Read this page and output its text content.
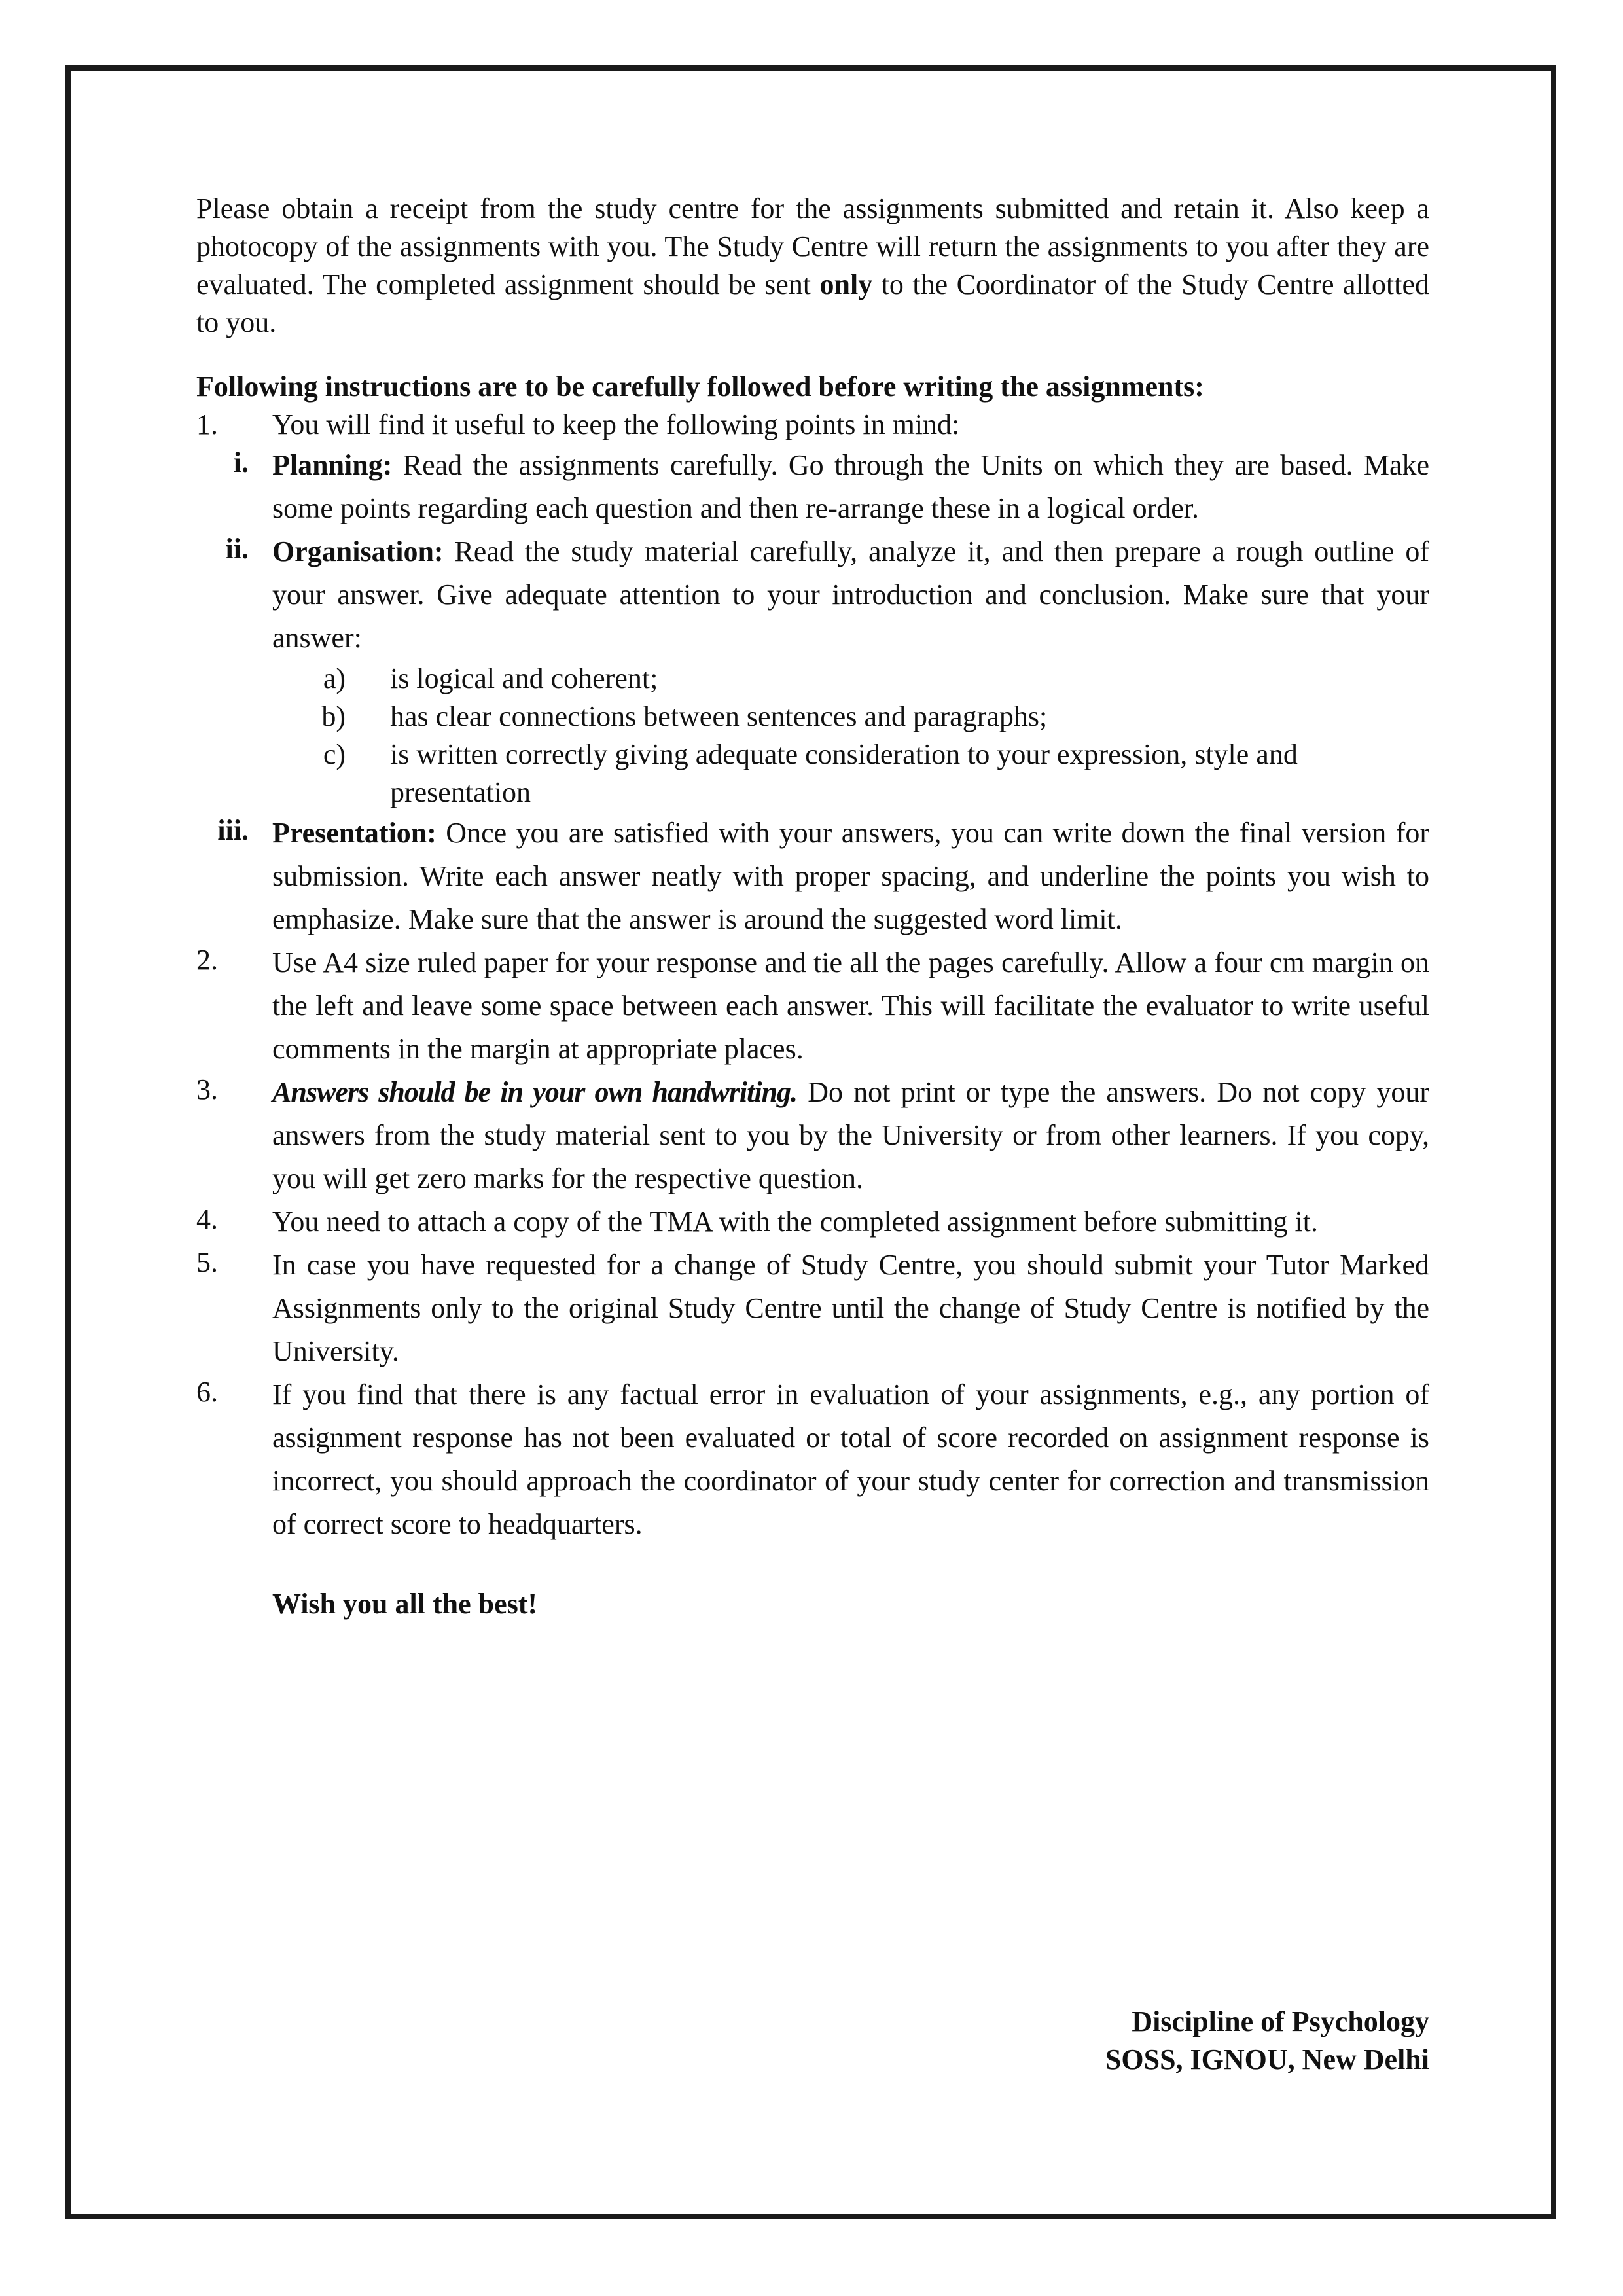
Please obtain a receipt from the study centre for the assignments submitted and retain it. Also keep a photocopy of the assignments with you. The Study Centre will return the assignments to you after they are evaluated. The completed assignment should be sent only to the Coordinator of the Study Centre allotted to you.

Following instructions are to be carefully followed before writing the assignments:

1. You will find it useful to keep the following points in mind:
i. Planning: Read the assignments carefully. Go through the Units on which they are based. Make some points regarding each question and then re-arrange these in a logical order.
ii. Organisation: Read the study material carefully, analyze it, and then prepare a rough outline of your answer. Give adequate attention to your introduction and conclusion. Make sure that your answer:
a) is logical and coherent;
b) has clear connections between sentences and paragraphs;
c) is written correctly giving adequate consideration to your expression, style and presentation
iii. Presentation: Once you are satisfied with your answers, you can write down the final version for submission. Write each answer neatly with proper spacing, and underline the points you wish to emphasize. Make sure that the answer is around the suggested word limit.
2. Use A4 size ruled paper for your response and tie all the pages carefully. Allow a four cm margin on the left and leave some space between each answer. This will facilitate the evaluator to write useful comments in the margin at appropriate places.
3. Answers should be in your own handwriting. Do not print or type the answers. Do not copy your answers from the study material sent to you by the University or from other learners. If you copy, you will get zero marks for the respective question.
4. You need to attach a copy of the TMA with the completed assignment before submitting it.
5. In case you have requested for a change of Study Centre, you should submit your Tutor Marked Assignments only to the original Study Centre until the change of Study Centre is notified by the University.
6. If you find that there is any factual error in evaluation of your assignments, e.g., any portion of assignment response has not been evaluated or total of score recorded on assignment response is incorrect, you should approach the coordinator of your study center for correction and transmission of correct score to headquarters.

Wish you all the best!

Discipline of Psychology
SOSS, IGNOU, New Delhi
